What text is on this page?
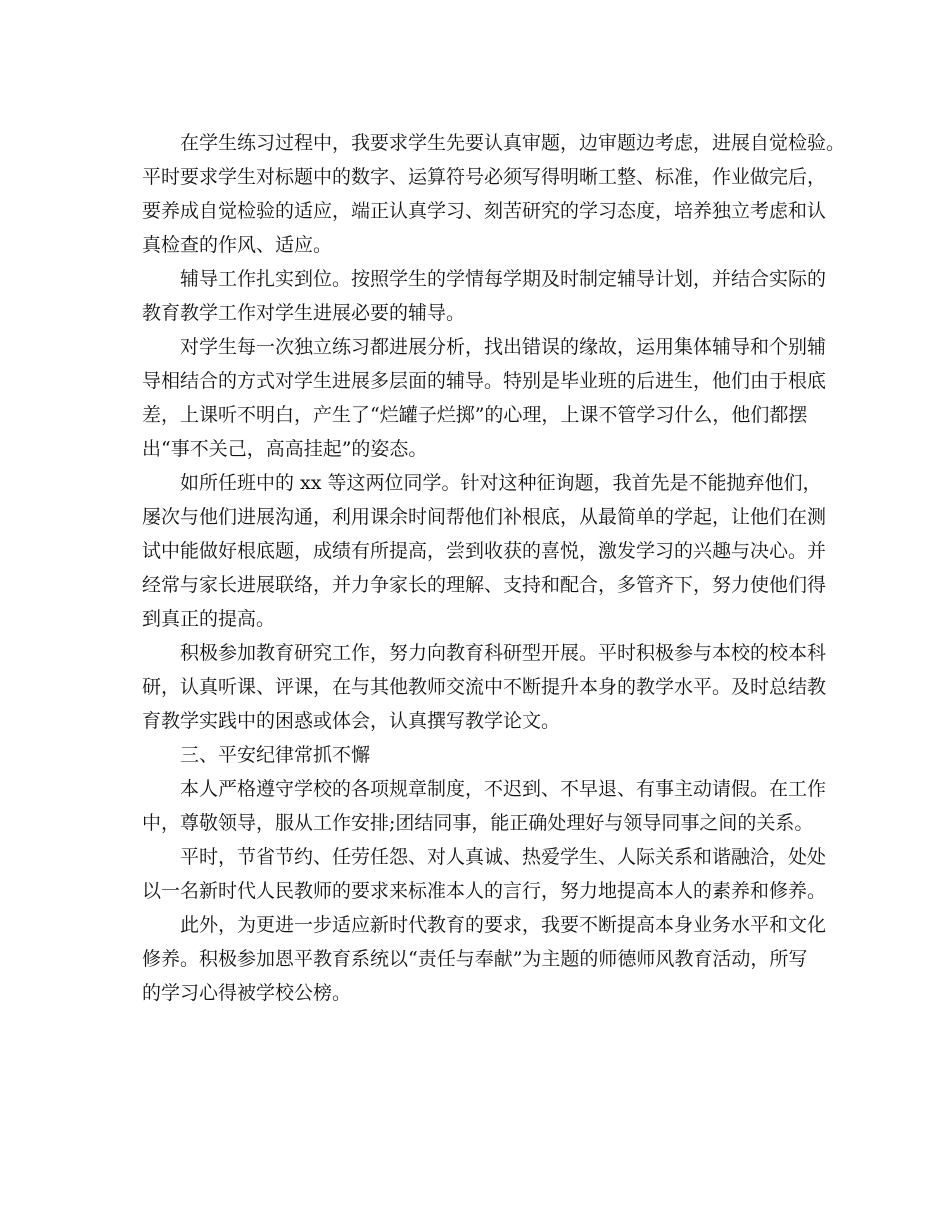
在学生练习过程中，我要求学生先要认真审题，边审题边考虑，进展自觉检验。
平时要求学生对标题中的数字、运算符号必须写得明晰工整、标准，作业做完后，
要养成自觉检验的适应，端正认真学习、刻苦研究的学习态度，培养独立考虑和认
真检查的作风、适应。
辅导工作扎实到位。按照学生的学情每学期及时制定辅导计划，并结合实际的
教育教学工作对学生进展必要的辅导。
对学生每一次独立练习都进展分析，找出错误的缘故，运用集体辅导和个别辅
导相结合的方式对学生进展多层面的辅导。特别是毕业班的后进生，他们由于根底
差，上课听不明白，产生了“烂罐子烂掷”的心理，上课不管学习什么，他们都摆
出“事不关己，高高挂起”的姿态。
如所任班中的 xx 等这两位同学。针对这种征询题，我首先是不能抛弃他们，
屡次与他们进展沟通，利用课余时间帮他们补根底，从最简单的学起，让他们在测
试中能做好根底题，成绩有所提高，尝到收获的喜悦，激发学习的兴趣与决心。并
经常与家长进展联络，并力争家长的理解、支持和配合，多管齐下，努力使他们得
到真正的提高。
积极参加教育研究工作，努力向教育科研型开展。平时积极参与本校的校本科
研，认真听课、评课，在与其他教师交流中不断提升本身的教学水平。及时总结教
育教学实践中的困惑或体会，认真撰写教学论文。
三、平安纪律常抓不懈
本人严格遵守学校的各项规章制度，不迟到、不早退、有事主动请假。在工作
中，尊敬领导，服从工作安排;团结同事，能正确处理好与领导同事之间的关系。
平时，节省节约、任劳任怨、对人真诚、热爱学生、人际关系和谐融洽，处处
以一名新时代人民教师的要求来标准本人的言行，努力地提高本人的素养和修养。
此外，为更进一步适应新时代教育的要求，我要不断提高本身业务水平和文化
修养。积极参加恩平教育系统以“责任与奉献”为主题的师德师风教育活动，所写
的学习心得被学校公榜。
